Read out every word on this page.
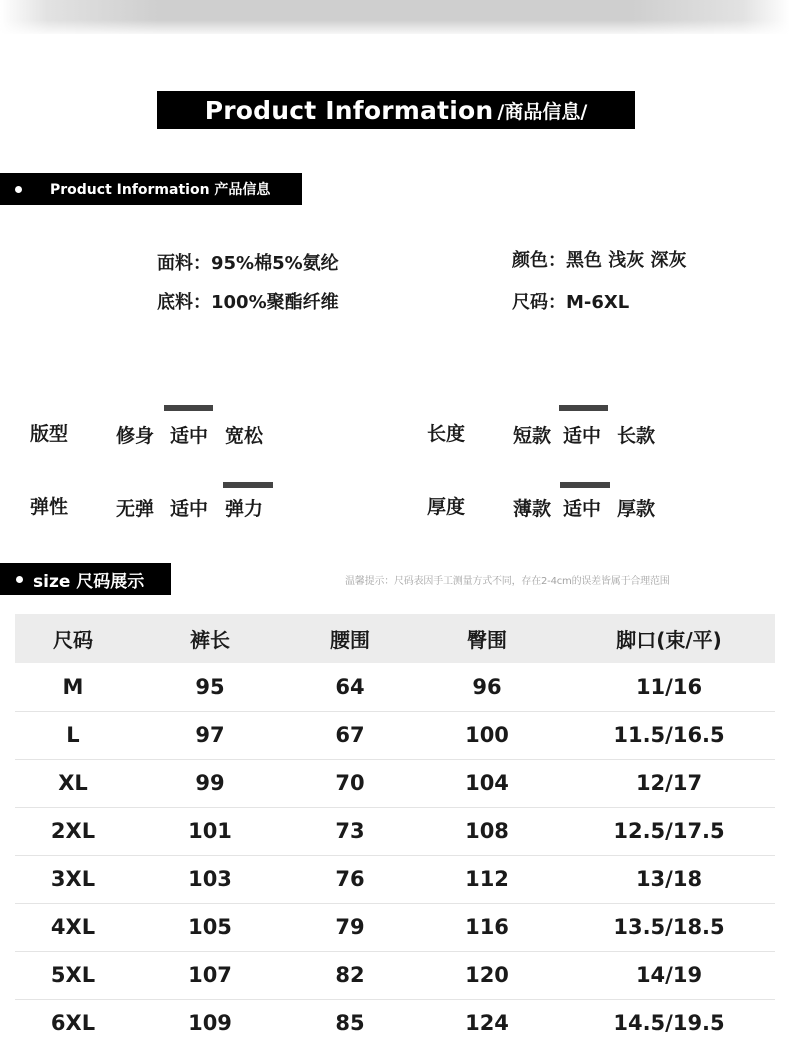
Product Information /商品信息/
Product Information 产品信息
面料：95%棉5%氨纶	颜色：黑色 浅灰 深灰
底料：100%聚酯纤维	尺码：M-6XL
版型	修身 适中 宽松	长度	短款 适中 长款
弹性	无弹 适中 弹力	厚度	薄款 适中 厚款
size 尺码展示	温馨提示：尺码表因手工测量方式不同，存在2-4cm的误差皆属于合理范围
尺码	裤长	腰围	臀围	脚口(束/平)
M	95	64	96	11/16
L	97	67	100	11.5/16.5
XL	99	70	104	12/17
2XL	101	73	108	12.5/17.5
3XL	103	76	112	13/18
4XL	105	79	116	13.5/18.5
5XL	107	82	120	14/19
6XL	109	85	124	14.5/19.5
